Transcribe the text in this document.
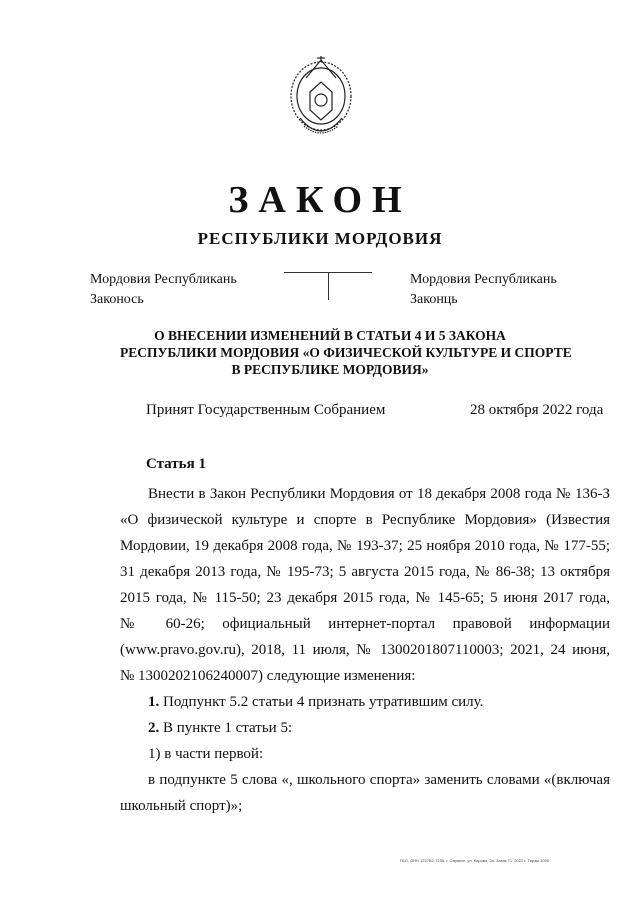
ЗАКОН
РЕСПУБЛИКИ МОРДОВИЯ
Мордовия Республикань
Законось
Мордовия Республикань
Законць
О ВНЕСЕНИИ ИЗМЕНЕНИЙ В СТАТЬИ 4 И 5 ЗАКОНА
РЕСПУБЛИКИ МОРДОВИЯ «О ФИЗИЧЕСКОЙ КУЛЬТУРЕ И СПОРТЕ
В РЕСПУБЛИКЕ МОРДОВИЯ»
Принят Государственным Собранием	28 октября 2022 года
Статья 1
Внести в Закон Республики Мордовия от 18 декабря 2008 года № 136-З
«О физической культуре и спорте в Республике Мордовия» (Известия
Мордовии, 19 декабря 2008 года, № 193-37; 25 ноября 2010 года, № 177-55;
31 декабря 2013 года, № 195-73; 5 августа 2015 года, № 86-38; 13 октября
2015 года, № 115-50; 23 декабря 2015 года, № 145-65; 5 июня 2017 года,
№ 60-26; официальный интернет-портал правовой информации
(www.pravo.gov.ru), 2018, 11 июля, № 1300201807110003; 2021, 24 июня,
№ 1300202106240007) следующие изменения:
1. Подпункт 5.2 статьи 4 признать утратившим силу.
2. В пункте 1 статьи 5:
1) в части первой:
в подпункте 5 слова «, школьного спорта» заменить словами «(включая
школьный спорт)»;
ГБО, ОНН 1337В2-7155, г. Саранск, ул. Кирова, 2а. Заказ 71. 2022 г. Тираж 1000
